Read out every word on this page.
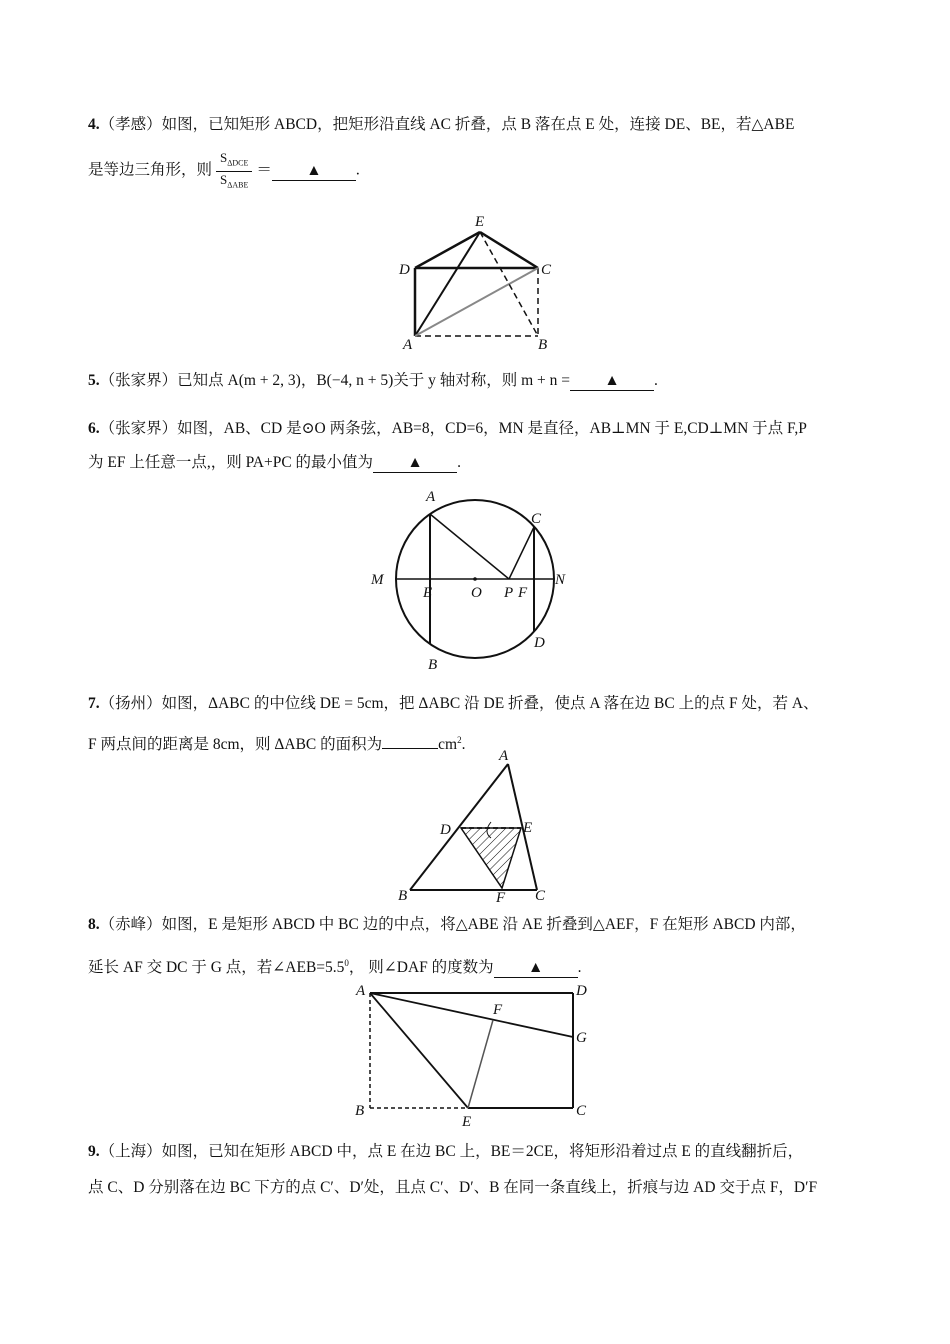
4.（孝感）如图，已知矩形 ABCD，把矩形沿直线 AC 折叠，点 B 落在点 E 处，连接 DE、BE，若△ABE
是等边三角形，则 $\frac{S_{\Delta DCE}}{S_{\Delta ABE}}$ ＝ ▲ .
E
D	C
A	B
5.（张家界）已知点 A(m + 2, 3)，B(−4, n + 5)关于 y 轴对称，则 m + n = ▲ .
6.（张家界）如图，AB、CD 是⊙O 两条弦，AB=8，CD=6，MN 是直径，AB⊥MN 于 E,CD⊥MN 于点 F,P
为 EF 上任意一点,，则 PA+PC 的最小值为 ▲ .
A
C
M	N
E	O P F
D
B
7.（扬州）如图，ΔABC 的中位线 DE = 5cm，把 ΔABC 沿 DE 折叠，使点 A 落在边 BC 上的点 F 处，若 A、
F 两点间的距离是 8cm，则 ΔABC 的面积为	$cm^2$.
A
D	E
B	F C
8.（赤峰）如图，E 是矩形 ABCD 中 BC 边的中点，将△ABE 沿 AE 折叠到△AEF，F 在矩形 ABCD 内部，
延长 AF 交 DC 于 G 点，若$\angle AEB=5.5^0$， 则∠DAF 的度数为 ▲ .
A	D
F
G
B
E
C
9.（上海）如图，已知在矩形 ABCD 中，点 E 在边 BC 上，BE＝2CE，将矩形沿着过点 E 的直线翻折后，
点 C、D 分别落在边 BC 下方的点 C′、D′处，且点 C′、D′、B 在同一条直线上，折痕与边 AD 交于点 F，D′F
